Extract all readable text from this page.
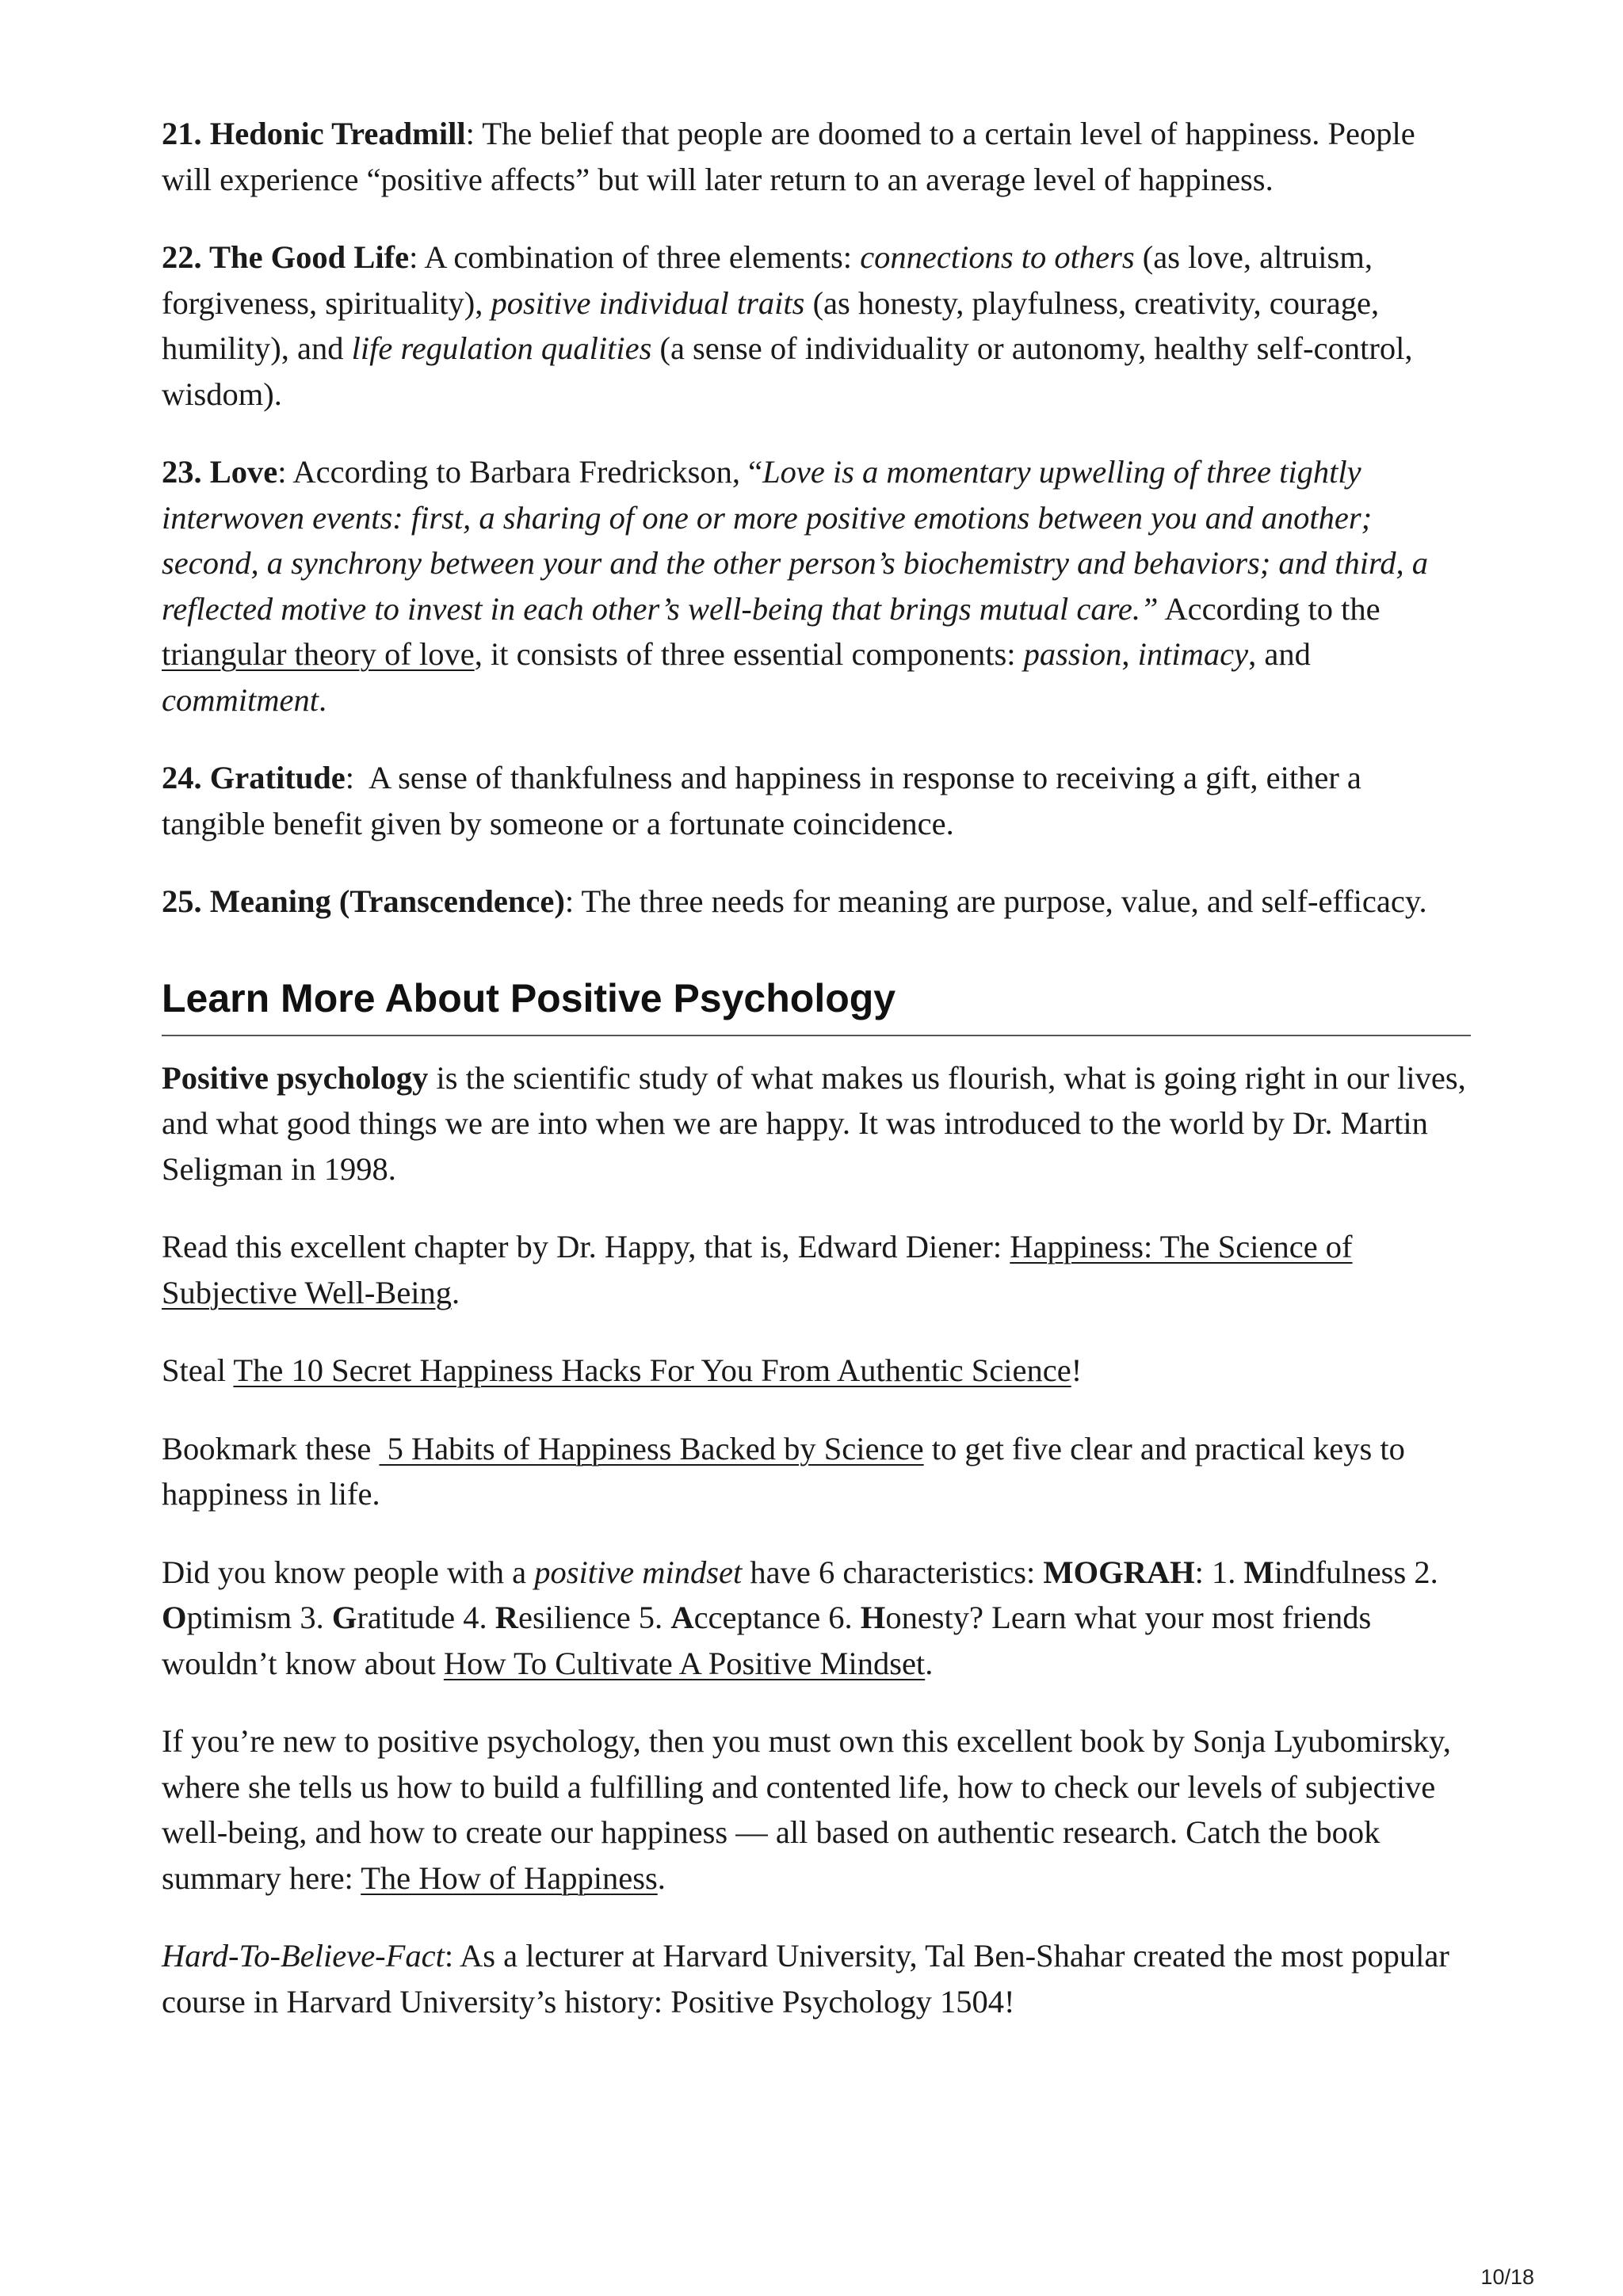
21. Hedonic Treadmill: The belief that people are doomed to a certain level of happiness. People will experience “positive affects” but will later return to an average level of happiness.

22. The Good Life: A combination of three elements: connections to others (as love, altruism, forgiveness, spirituality), positive individual traits (as honesty, playfulness, creativity, courage, humility), and life regulation qualities (a sense of individuality or autonomy, healthy self-control, wisdom).

23. Love: According to Barbara Fredrickson, “Love is a momentary upwelling of three tightly interwoven events: first, a sharing of one or more positive emotions between you and another; second, a synchrony between your and the other person’s biochemistry and behaviors; and third, a reflected motive to invest in each other’s well-being that brings mutual care.” According to the triangular theory of love, it consists of three essential components: passion, intimacy, and commitment.

24. Gratitude:  A sense of thankfulness and happiness in response to receiving a gift, either a tangible benefit given by someone or a fortunate coincidence.

25. Meaning (Transcendence): The three needs for meaning are purpose, value, and self-efficacy.

Learn More About Positive Psychology

Positive psychology is the scientific study of what makes us flourish, what is going right in our lives, and what good things we are into when we are happy. It was introduced to the world by Dr. Martin Seligman in 1998.

Read this excellent chapter by Dr. Happy, that is, Edward Diener: Happiness: The Science of Subjective Well-Being.

Steal The 10 Secret Happiness Hacks For You From Authentic Science!

Bookmark these  5 Habits of Happiness Backed by Science to get five clear and practical keys to happiness in life.

Did you know people with a positive mindset have 6 characteristics: MOGRAH: 1. Mindfulness 2. Optimism 3. Gratitude 4. Resilience 5. Acceptance 6. Honesty? Learn what your most friends wouldn’t know about How To Cultivate A Positive Mindset.

If you’re new to positive psychology, then you must own this excellent book by Sonja Lyubomirsky, where she tells us how to build a fulfilling and contented life, how to check our levels of subjective well-being, and how to create our happiness — all based on authentic research. Catch the book summary here: The How of Happiness.

Hard-To-Believe-Fact: As a lecturer at Harvard University, Tal Ben-Shahar created the most popular course in Harvard University’s history: Positive Psychology 1504!

10/18
